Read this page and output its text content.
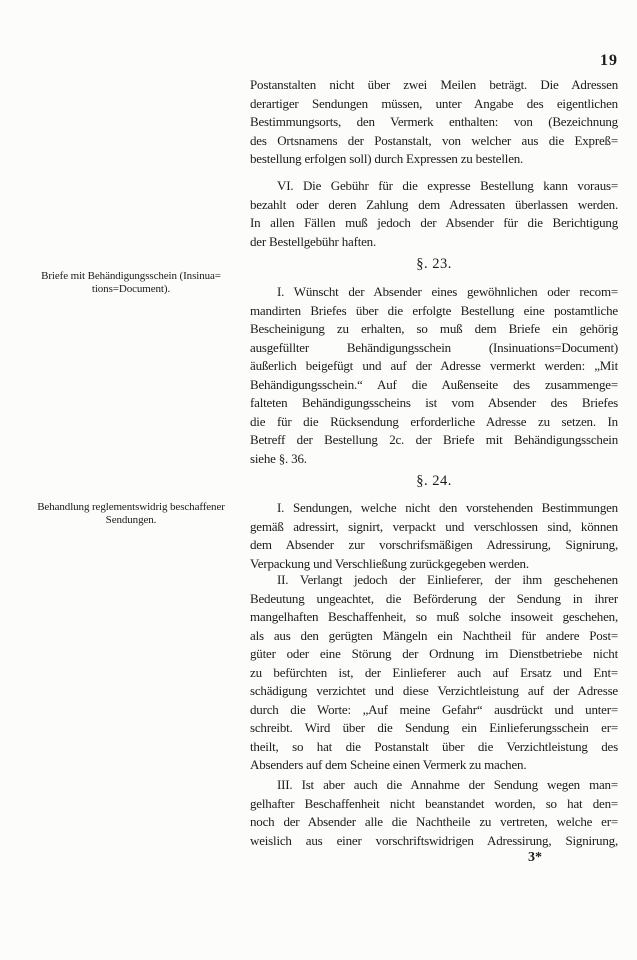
19
Postanstalten nicht über zwei Meilen beträgt. Die Adressen
derartiger Sendungen müssen, unter Angabe des eigentlichen
Bestimmungsorts, den Vermerk enthalten: von (Bezeichnung
des Ortsnamens der Postanstalt, von welcher aus die Expreß=
bestellung erfolgen soll) durch Expressen zu bestellen.
VI. Die Gebühr für die expresse Bestellung kann voraus=
bezahlt oder deren Zahlung dem Adressaten überlassen werden.
In allen Fällen muß jedoch der Absender für die Berichtigung
der Bestellgebühr haften.
§. 23.
Briefe mit Behändigungsschein (Insinua=
tions=Document).	I. Wünscht der Absender eines gewöhnlichen oder recom=
mandirten Briefes über die erfolgte Bestellung eine postamtliche
Bescheinigung zu erhalten, so muß dem Briefe ein gehörig
ausgefüllter Behändigungsschein (Insinuations=Document)
äußerlich beigefügt und auf der Adresse vermerkt werden: „Mit
Behändigungsschein.“ Auf die Außenseite des zusammenge=
falteten Behändigungsscheins ist vom Absender des Briefes
die für die Rücksendung erforderliche Adresse zu setzen. In
Betreff der Bestellung 2c. der Briefe mit Behändigungsschein
siehe §. 36.
§. 24.
Behandlung reglementswidrig beschaffener
Sendungen.
I. Sendungen, welche nicht den vorstehenden Bestimmungen
gemäß adressirt, signirt, verpackt und verschlossen sind, können
dem Absender zur vorschrifsmäßigen Adressirung, Signirung,
Verpackung und Verschließung zurückgegeben werden.
II. Verlangt jedoch der Einlieferer, der ihm geschehenen
Bedeutung ungeachtet, die Beförderung der Sendung in ihrer
mangelhaften Beschaffenheit, so muß solche insoweit geschehen,
als aus den gerügten Mängeln ein Nachtheil für andere Post=
güter oder eine Störung der Ordnung im Dienstbetriebe nicht
zu befürchten ist, der Einlieferer auch auf Ersatz und Ent=
schädigung verzichtet und diese Verzichtleistung auf der Adresse
durch die Worte: „Auf meine Gefahr“ ausdrückt und unter=
schreibt. Wird über die Sendung ein Einlieferungsschein er=
theilt, so hat die Postanstalt über die Verzichtleistung des
Absenders auf dem Scheine einen Vermerk zu machen.
III. Ist aber auch die Annahme der Sendung wegen man=
gelhafter Beschaffenheit nicht beanstandet worden, so hat den=
noch der Absender alle die Nachtheile zu vertreten, welche er=
weislich aus einer vorschriftswidrigen Adressirung, Signirung,
3*
